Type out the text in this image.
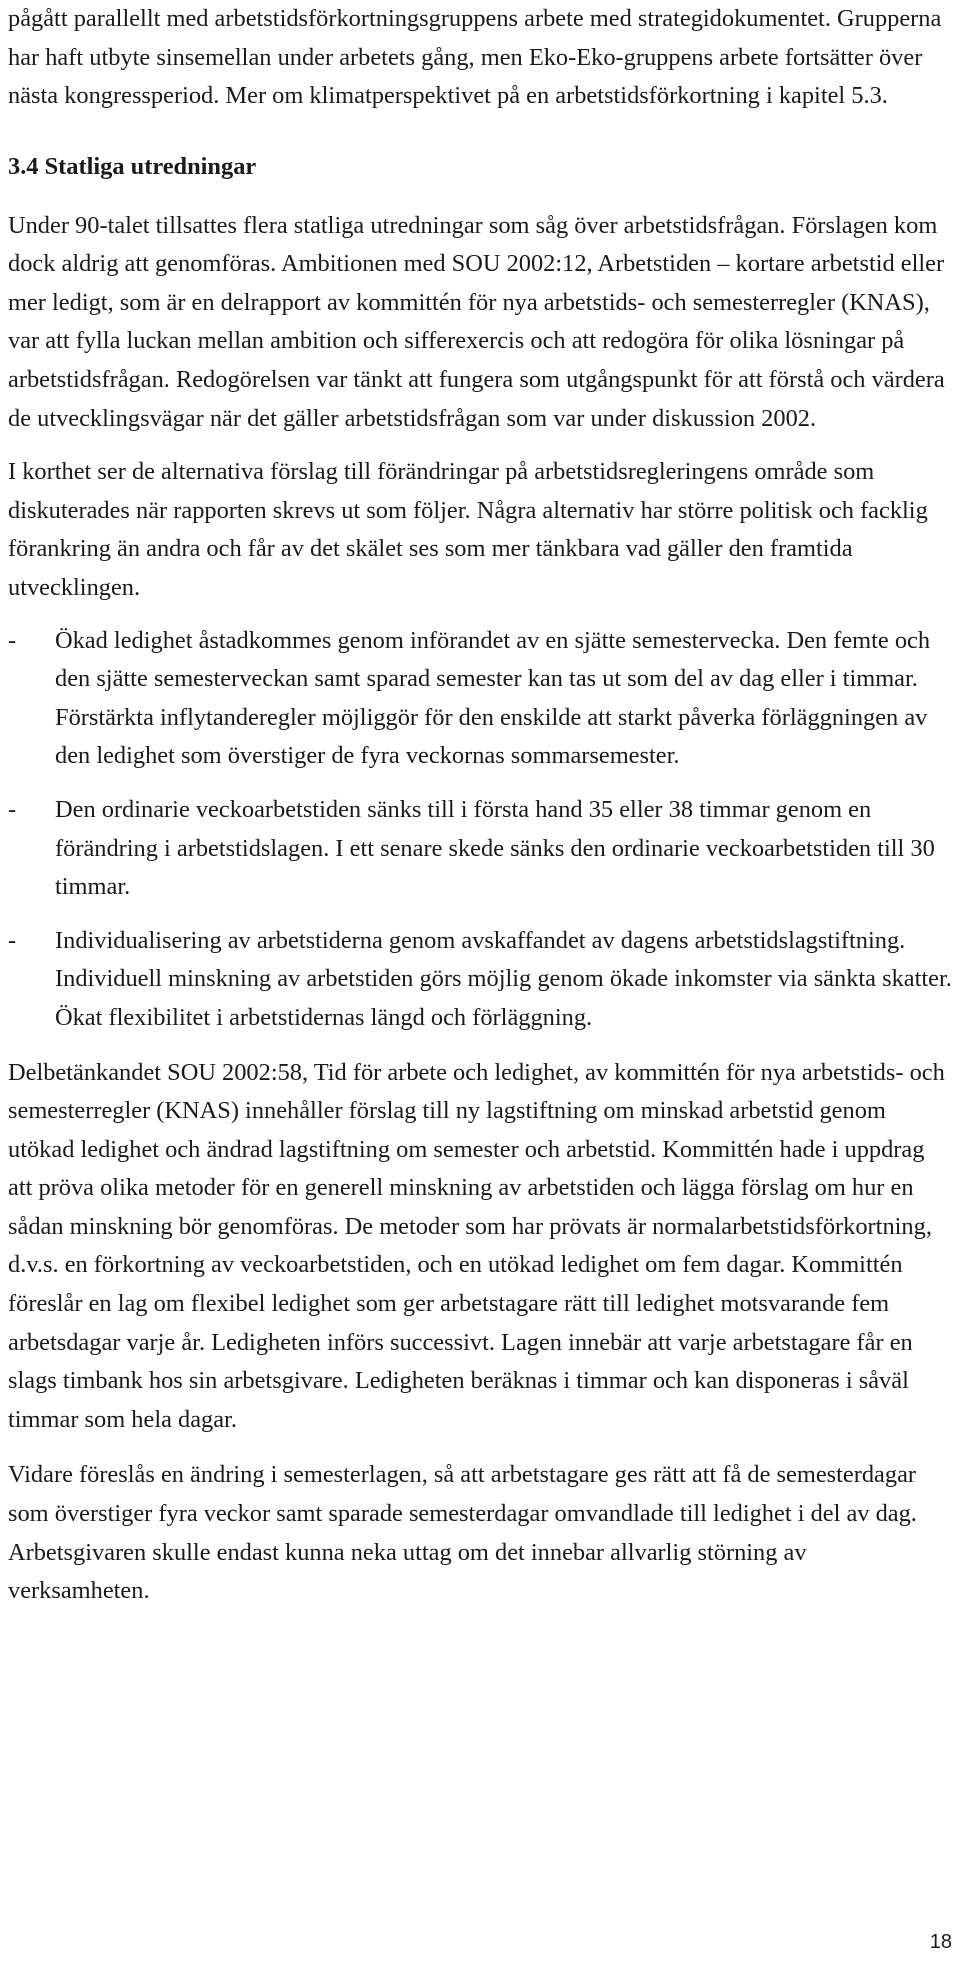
pågått parallellt med arbetstidsförkortningsgruppens arbete med strategidokumentet. Grupperna har haft utbyte sinsemellan under arbetets gång, men Eko-Eko-gruppens arbete fortsätter över nästa kongressperiod. Mer om klimatperspektivet på en arbetstidsförkortning i kapitel 5.3.

3.4 Statliga utredningar

Under 90-talet tillsattes flera statliga utredningar som såg över arbetstidsfrågan. Förslagen kom dock aldrig att genomföras. Ambitionen med SOU 2002:12, Arbetstiden – kortare arbetstid eller mer ledigt, som är en delrapport av kommittén för nya arbetstids- och semesterregler (KNAS), var att fylla luckan mellan ambition och sifferexercis och att redogöra för olika lösningar på arbetstidsfrågan. Redogörelsen var tänkt att fungera som utgångspunkt för att förstå och värdera de utvecklingsvägar när det gäller arbetstidsfrågan som var under diskussion 2002.

I korthet ser de alternativa förslag till förändringar på arbetstidsregleringens område som diskuterades när rapporten skrevs ut som följer. Några alternativ har större politisk och facklig förankring än andra och får av det skälet ses som mer tänkbara vad gäller den framtida utvecklingen.

- Ökad ledighet åstadkommes genom införandet av en sjätte semestervecka. Den femte och den sjätte semesterveckan samt sparad semester kan tas ut som del av dag eller i timmar. Förstärkta inflytanderegler möjliggör för den enskilde att starkt påverka förläggningen av den ledighet som överstiger de fyra veckornas sommarsemester.
- Den ordinarie veckoarbetstiden sänks till i första hand 35 eller 38 timmar genom en förändring i arbetstidslagen. I ett senare skede sänks den ordinarie veckoarbetstiden till 30 timmar.
- Individualisering av arbetstiderna genom avskaffandet av dagens arbetstidslagstiftning. Individuell minskning av arbetstiden görs möjlig genom ökade inkomster via sänkta skatter. Ökat flexibilitet i arbetstidernas längd och förläggning.

Delbetänkandet SOU 2002:58, Tid för arbete och ledighet, av kommittén för nya arbetstids- och semesterregler (KNAS) innehåller förslag till ny lagstiftning om minskad arbetstid genom utökad ledighet och ändrad lagstiftning om semester och arbetstid. Kommittén hade i uppdrag att pröva olika metoder för en generell minskning av arbetstiden och lägga förslag om hur en sådan minskning bör genomföras. De metoder som har prövats är normalarbetstidsförkortning, d.v.s. en förkortning av veckoarbetstiden, och en utökad ledighet om fem dagar. Kommittén föreslår en lag om flexibel ledighet som ger arbetstagare rätt till ledighet motsvarande fem arbetsdagar varje år. Ledigheten införs successivt. Lagen innebär att varje arbetstagare får en slags timbank hos sin arbetsgivare. Ledigheten beräknas i timmar och kan disponeras i såväl timmar som hela dagar.

Vidare föreslås en ändring i semesterlagen, så att arbetstagare ges rätt att få de semesterdagar som överstiger fyra veckor samt sparade semesterdagar omvandlade till ledighet i del av dag. Arbetsgivaren skulle endast kunna neka uttag om det innebar allvarlig störning av verksamheten.

18
